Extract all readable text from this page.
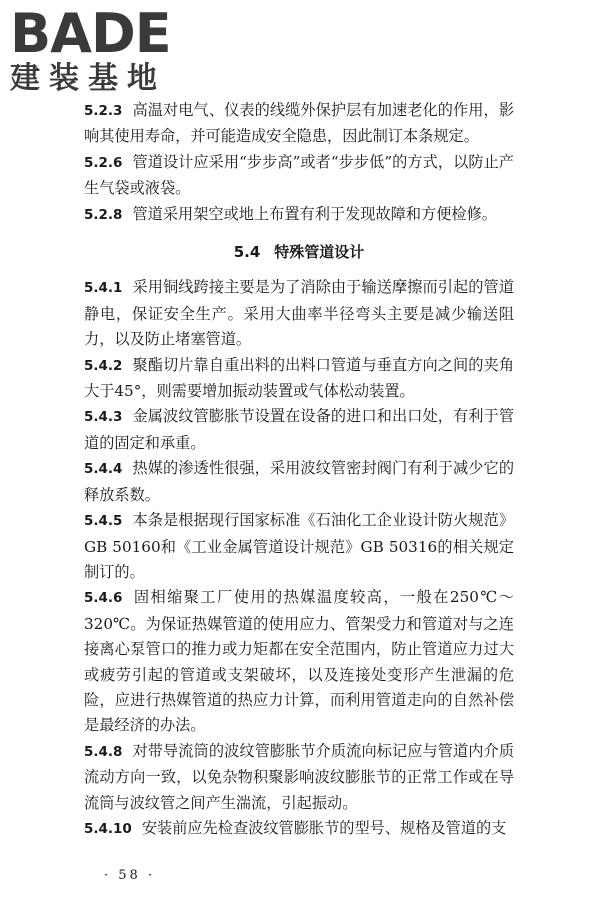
BADE
建装基地

5.2.3 高温对电气、仪表的线缆外保护层有加速老化的作用，影响其使用寿命，并可能造成安全隐患，因此制订本条规定。

5.2.6 管道设计应采用“步步高”或者“步步低”的方式，以防止产生气袋或液袋。

5.2.8 管道采用架空或地上布置有利于发现故障和方便检修。

5.4 特殊管道设计

5.4.1 采用铜线跨接主要是为了消除由于输送摩擦而引起的管道静电，保证安全生产。采用大曲率半径弯头主要是减少输送阻力，以及防止堵塞管道。

5.4.2 聚酯切片靠自重出料的出料口管道与垂直方向之间的夹角大于45°，则需要增加振动装置或气体松动装置。

5.4.3 金属波纹管膨胀节设置在设备的进口和出口处，有利于管道的固定和承重。

5.4.4 热媒的渗透性很强，采用波纹管密封阀门有利于减少它的释放系数。

5.4.5 本条是根据现行国家标准《石油化工企业设计防火规范》GB 50160和《工业金属管道设计规范》GB 50316的相关规定制订的。

5.4.6 固相缩聚工厂使用的热媒温度较高，一般在250℃～320℃。为保证热媒管道的使用应力、管架受力和管道对与之连接离心泵管口的推力或力矩都在安全范围内，防止管道应力过大或疲劳引起的管道或支架破坏，以及连接处变形产生泄漏的危险，应进行热媒管道的热应力计算，而利用管道走向的自然补偿是最经济的办法。

5.4.8 对带导流筒的波纹管膨胀节介质流向标记应与管道内介质流动方向一致，以免杂物积聚影响波纹膨胀节的正常工作或在导流筒与波纹管之间产生湍流，引起振动。

5.4.10 安装前应先检查波纹管膨胀节的型号、规格及管道的支

· 58 ·
